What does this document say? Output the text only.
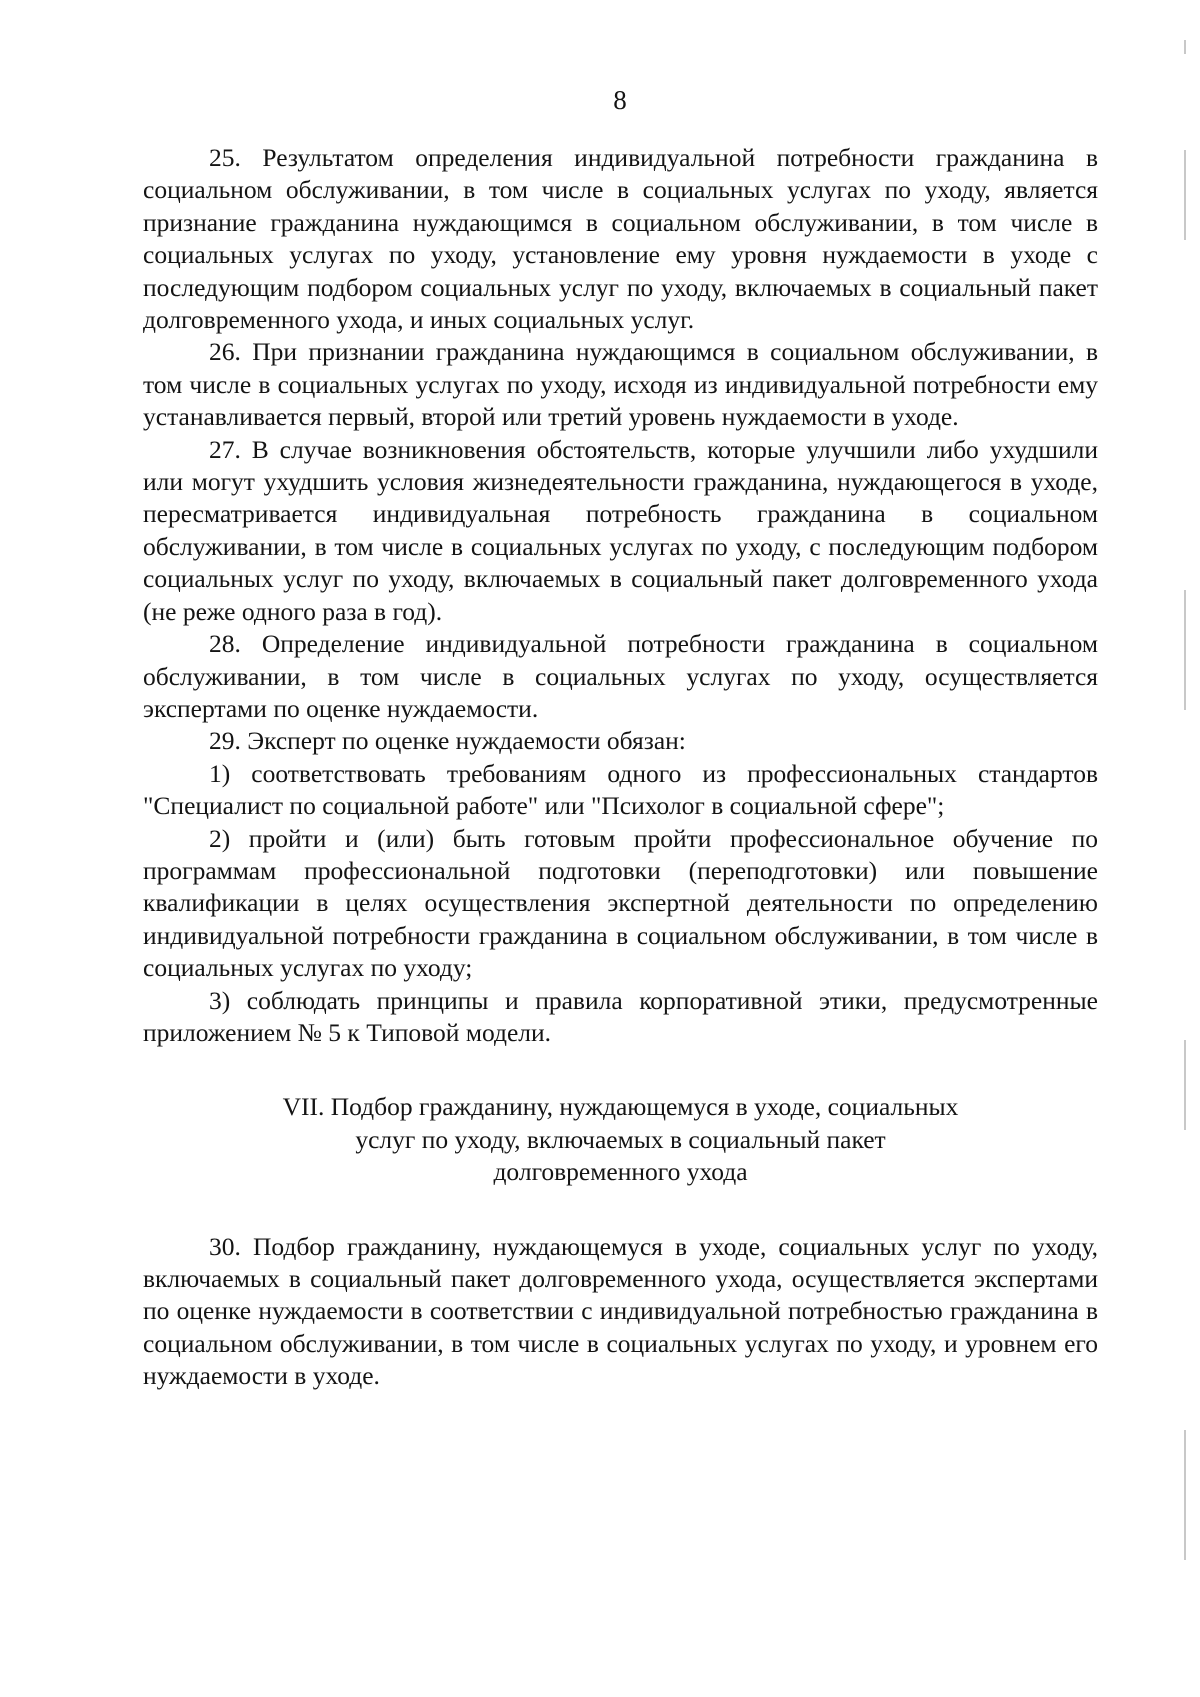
8

25. Результатом определения индивидуальной потребности гражданина в социальном обслуживании, в том числе в социальных услугах по уходу, является признание гражданина нуждающимся в социальном обслуживании, в том числе в социальных услугах по уходу, установление ему уровня нуждаемости в уходе с последующим подбором социальных услуг по уходу, включаемых в социальный пакет долговременного ухода, и иных социальных услуг.

26. При признании гражданина нуждающимся в социальном обслуживании, в том числе в социальных услугах по уходу, исходя из индивидуальной потребности ему устанавливается первый, второй или третий уровень нуждаемости в уходе.

27. В случае возникновения обстоятельств, которые улучшили либо ухудшили или могут ухудшить условия жизнедеятельности гражданина, нуждающегося в уходе, пересматривается индивидуальная потребность гражданина в социальном обслуживании, в том числе в социальных услугах по уходу, с последующим подбором социальных услуг по уходу, включаемых в социальный пакет долговременного ухода (не реже одного раза в год).

28. Определение индивидуальной потребности гражданина в социальном обслуживании, в том числе в социальных услугах по уходу, осуществляется экспертами по оценке нуждаемости.

29. Эксперт по оценке нуждаемости обязан:

1) соответствовать требованиям одного из профессиональных стандартов "Специалист по социальной работе" или "Психолог в социальной сфере";

2) пройти и (или) быть готовым пройти профессиональное обучение по программам профессиональной подготовки (переподготовки) или повышение квалификации в целях осуществления экспертной деятельности по определению индивидуальной потребности гражданина в социальном обслуживании, в том числе в социальных услугах по уходу;

3) соблюдать принципы и правила корпоративной этики, предусмотренные приложением № 5 к Типовой модели.

VII. Подбор гражданину, нуждающемуся в уходе, социальных
услуг по уходу, включаемых в социальный пакет
долговременного ухода

30. Подбор гражданину, нуждающемуся в уходе, социальных услуг по уходу, включаемых в социальный пакет долговременного ухода, осуществляется экспертами по оценке нуждаемости в соответствии с индивидуальной потребностью гражданина в социальном обслуживании, в том числе в социальных услугах по уходу, и уровнем его нуждаемости в уходе.
